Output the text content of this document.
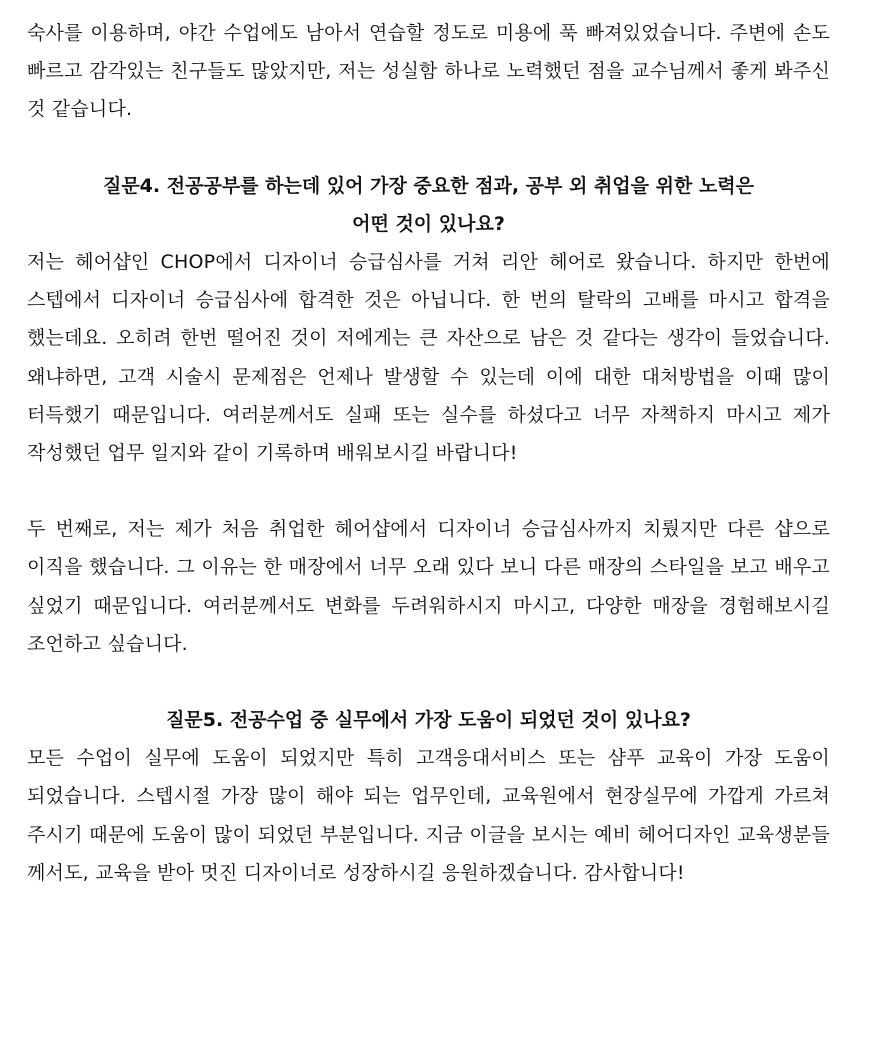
숙사를 이용하며, 야간 수업에도 남아서 연습할 정도로 미용에 푹 빠져있었습니다. 주변에 손도 빠르고 감각있는 친구들도 많았지만, 저는 성실함 하나로 노력했던 점을 교수님께서 좋게 봐주신 것 같습니다.

질문4. 전공공부를 하는데 있어 가장 중요한 점과, 공부 외 취업을 위한 노력은

어떤 것이 있나요?

저는 헤어샵인 CHOP에서 디자이너 승급심사를 거쳐 리안 헤어로 왔습니다. 하지만 한번에 스텝에서 디자이너 승급심사에 합격한 것은 아닙니다. 한 번의 탈락의 고배를 마시고 합격을 했는데요. 오히려 한번 떨어진 것이 저에게는 큰 자산으로 남은 것 같다는 생각이 들었습니다. 왜냐하면, 고객 시술시 문제점은 언제나 발생할 수 있는데 이에 대한 대처방법을 이때 많이 터득했기 때문입니다. 여러분께서도 실패 또는 실수를 하셨다고 너무 자책하지 마시고 제가 작성했던 업무 일지와 같이 기록하며 배워보시길 바랍니다!

두 번째로, 저는 제가 처음 취업한 헤어샵에서 디자이너 승급심사까지 치뤘지만 다른 샵으로 이직을 했습니다. 그 이유는 한 매장에서 너무 오래 있다 보니 다른 매장의 스타일을 보고 배우고 싶었기 때문입니다. 여러분께서도 변화를 두려워하시지 마시고, 다양한 매장을 경험해보시길 조언하고 싶습니다.

질문5. 전공수업 중 실무에서 가장 도움이 되었던 것이 있나요?

모든 수업이 실무에 도움이 되었지만 특히 고객응대서비스 또는 샴푸 교육이 가장 도움이 되었습니다. 스텝시절 가장 많이 해야 되는 업무인데, 교육원에서 현장실무에 가깝게 가르쳐 주시기 때문에 도움이 많이 되었던 부분입니다. 지금 이글을 보시는 예비 헤어디자인 교육생분들 께서도, 교육을 받아 멋진 디자이너로 성장하시길 응원하겠습니다. 감사합니다!
